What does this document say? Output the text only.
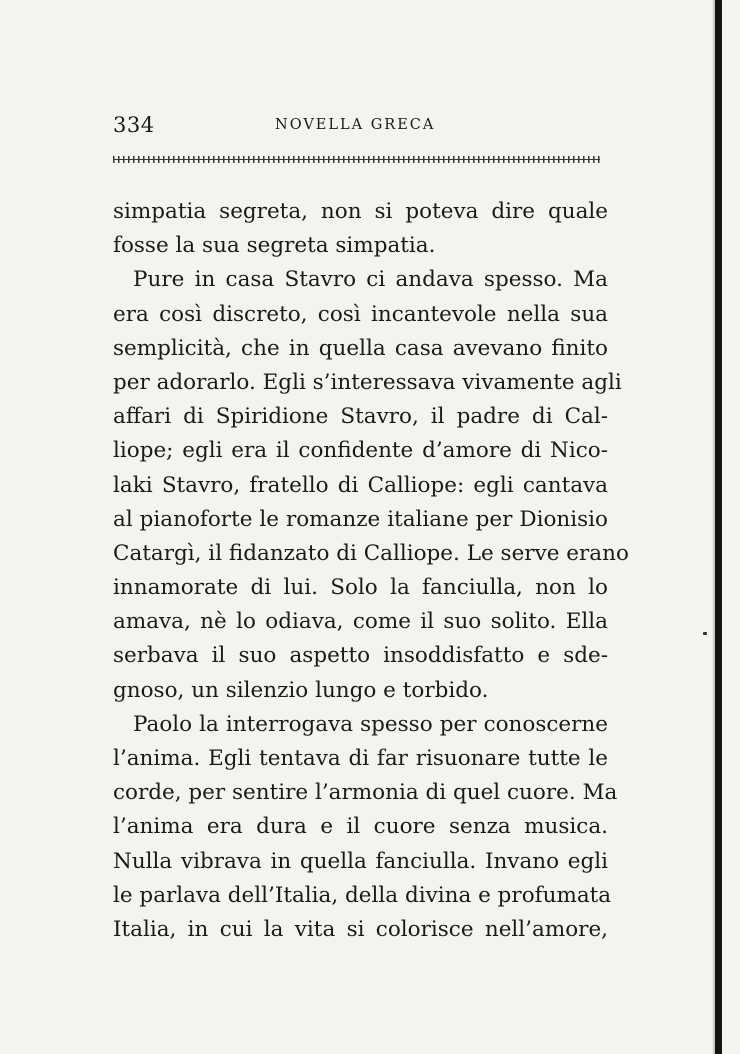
334	NOVELLA GRECA
simpatia segreta, non si poteva dire quale
fosse la sua segreta simpatia.
Pure in casa Stavro ci andava spesso. Ma
era così discreto, così incantevole nella sua
semplicità, che in quella casa avevano finito
per adorarlo. Egli s’interessava vivamente agli
affari di Spiridione Stavro, il padre di Cal-
liope; egli era il confidente d’amore di Nico-
laki Stavro, fratello di Calliope: egli cantava
al pianoforte le romanze italiane per Dionisio
Catargì, il fidanzato di Calliope. Le serve erano
innamorate di lui. Solo la fanciulla, non lo
amava, nè lo odiava, come il suo solito. Ella
serbava il suo aspetto insoddisfatto e sde-
gnoso, un silenzio lungo e torbido.
Paolo la interrogava spesso per conoscerne
l’anima. Egli tentava di far risuonare tutte le
corde, per sentire l’armonia di quel cuore. Ma
l’anima era dura e il cuore senza musica.
Nulla vibrava in quella fanciulla. Invano egli
le parlava dell’Italia, della divina e profumata
Italia, in cui la vita si colorisce nell’amore,
